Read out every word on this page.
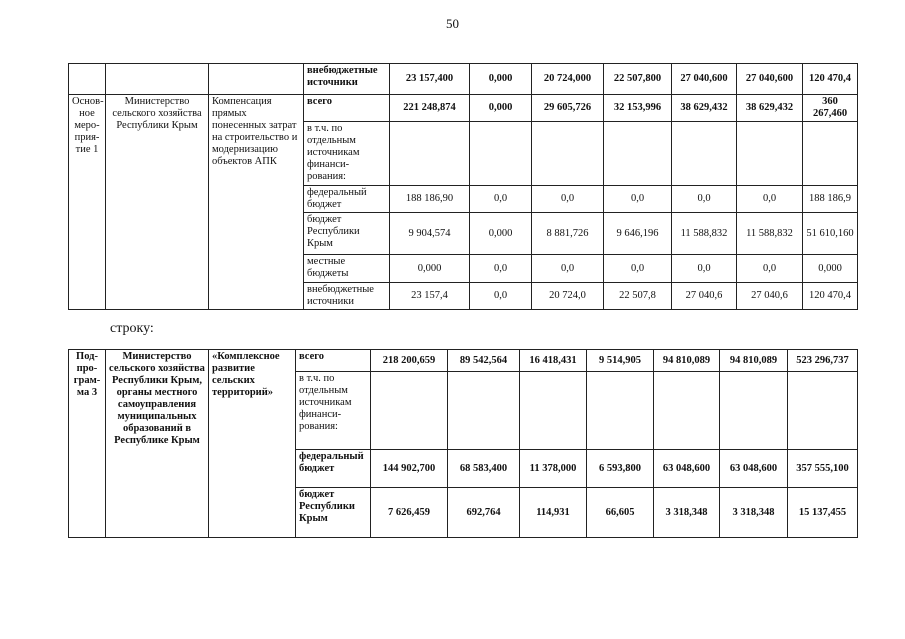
50
			внебюджетные источники	23 157,400	0,000	20 724,000	22 507,800	27 040,600	27 040,600	120 470,4
Основ-ное меро-прия-тие 1	Министерство сельского хозяйства Республики Крым	Компенсация прямых понесенных затрат на строительство и модернизацию объектов АПК	всего	221 248,874	0,000	29 605,726	32 153,996	38 629,432	38 629,432	360 267,460
			в т.ч. по отдельным источникам финанси-рования:							
			федеральный бюджет	188 186,90	0,0	0,0	0,0	0,0	0,0	188 186,9
			бюджет Республики Крым	9 904,574	0,000	8 881,726	9 646,196	11 588,832	11 588,832	51 610,160
			местные бюджеты	0,000	0,0	0,0	0,0	0,0	0,0	0,000
			внебюджетные источники	23 157,4	0,0	20 724,0	22 507,8	27 040,6	27 040,6	120 470,4
строку:
Под-про-грам-ма 3	Министерство сельского хозяйства Республики Крым, органы местного самоуправления муниципальных образований в Республике Крым	«Комплексное развитие сельских территорий»	всего	218 200,659	89 542,564	16 418,431	9 514,905	94 810,089	94 810,089	523 296,737
			в т.ч. по отдельным источникам финанси-рования:							
			федеральный бюджет	144 902,700	68 583,400	11 378,000	6 593,800	63 048,600	63 048,600	357 555,100
			бюджет Республики Крым	7 626,459	692,764	114,931	66,605	3 318,348	3 318,348	15 137,455
